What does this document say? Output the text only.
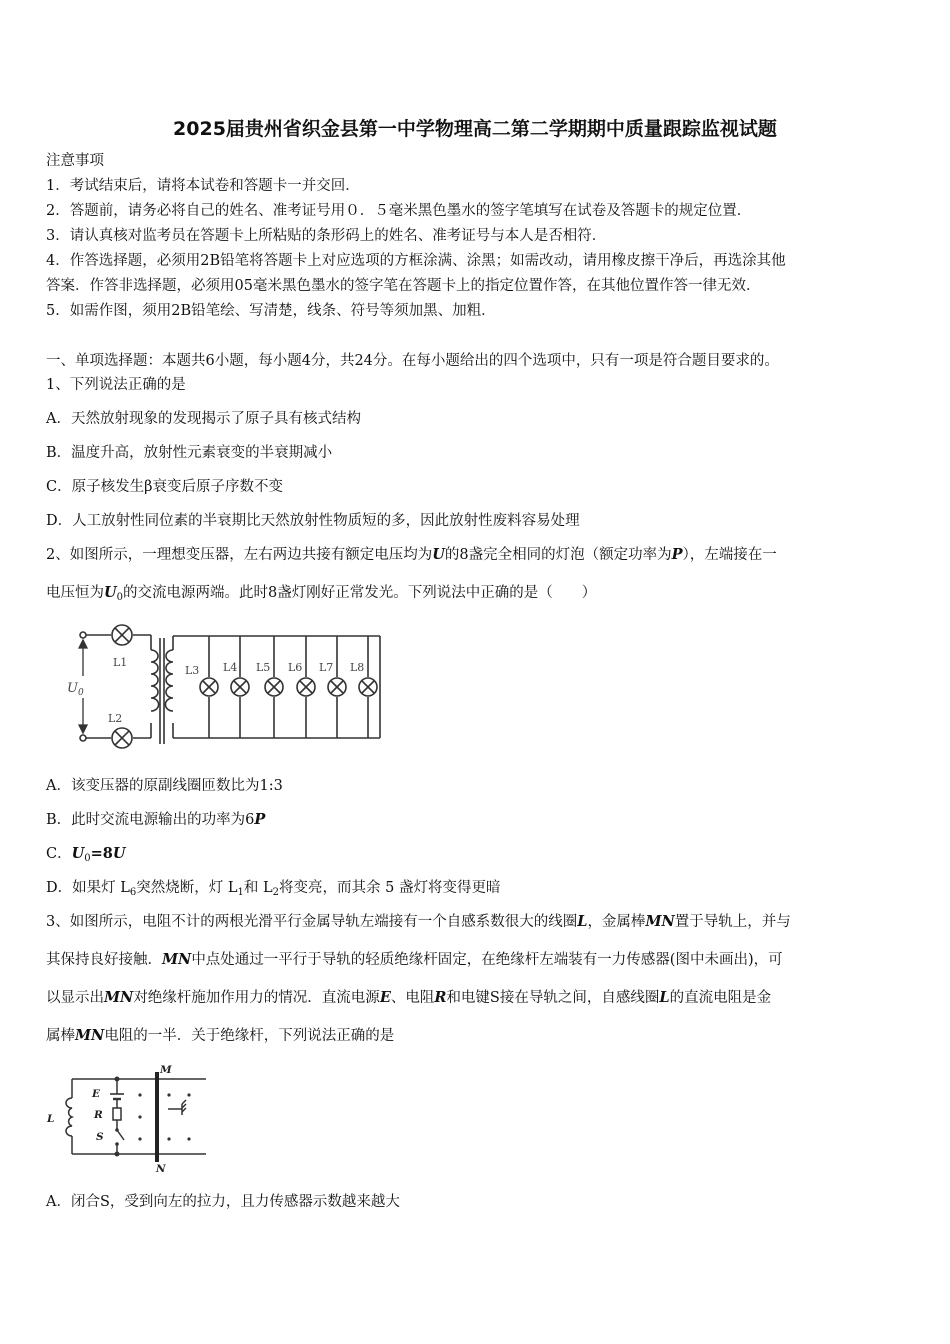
2025届贵州省织金县第一中学物理高二第二学期期中质量跟踪监视试题
注意事项
1．考试结束后，请将本试卷和答题卡一并交回．
2．答题前，请务必将自己的姓名、准考证号用０．５毫米黑色墨水的签字笔填写在试卷及答题卡的规定位置．
3．请认真核对监考员在答题卡上所粘贴的条形码上的姓名、准考证号与本人是否相符．
4．作答选择题，必须用2B铅笔将答题卡上对应选项的方框涂满、涂黑；如需改动，请用橡皮擦干净后，再选涂其他
答案．作答非选择题，必须用05毫米黑色墨水的签字笔在答题卡上的指定位置作答，在其他位置作答一律无效．
5．如需作图，须用2B铅笔绘、写清楚，线条、符号等须加黑、加粗．
一、单项选择题：本题共6小题，每小题4分，共24分。在每小题给出的四个选项中，只有一项是符合题目要求的。
1、下列说法正确的是
A．天然放射现象的发现揭示了原子具有核式结构
B．温度升高，放射性元素衰变的半衰期减小
C．原子核发生β衰变后原子序数不变
D．人工放射性同位素的半衰期比天然放射性物质短的多，因此放射性废料容易处理
2、如图所示，一理想变压器，左右两边共接有额定电压均为U的8盏完全相同的灯泡（额定功率为P），左端接在一
电压恒为$U_0$的交流电源两端。此时8盏灯刚好正常发光。下列说法中正确的是（　　）
$U_0$
L1
L2
L3 L4 L5 L6 L7 L8
A．该变压器的原副线圈匝数比为1:3
B．此时交流电源输出的功率为6P
C．$U_0=8U$
D．如果灯 $L_6$突然烧断，灯 $L_1$和 $L_2$将变亮，而其余 5 盏灯将变得更暗
3、如图所示，电阻不计的两根光滑平行金属导轨左端接有一个自感系数很大的线圈L，金属棒MN置于导轨上，并与
其保持良好接触．MN中点处通过一平行于导轨的轻质绝缘杆固定，在绝缘杆左端装有一力传感器(图中未画出)，可
以显示出MN对绝缘杆施加作用力的情况．直流电源E、电阻R和电键S接在导轨之间，自感线圈L的直流电阻是金
属棒MN电阻的一半．关于绝缘杆，下列说法正确的是
M
N
L
E
R
S
A．闭合S，受到向左的拉力，且力传感器示数越来越大
